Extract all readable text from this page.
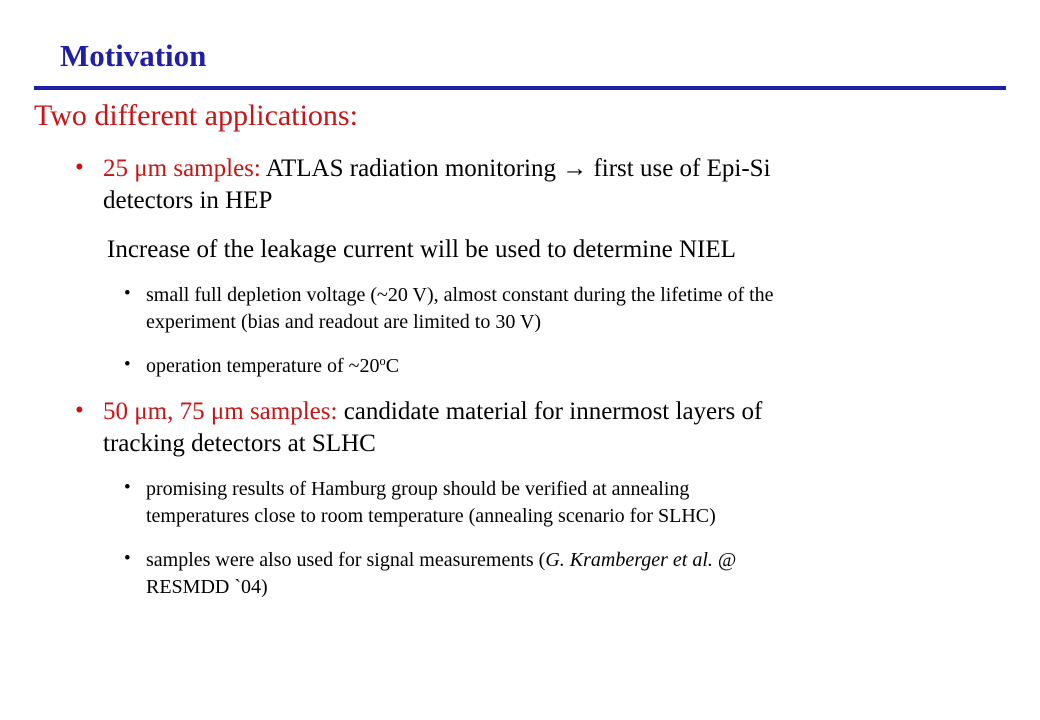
Motivation
Two different applications:
• 25 μm samples: ATLAS radiation monitoring → first use of Epi-Si
detectors in HEP
Increase of the leakage current will be used to determine NIEL
• small full depletion voltage (~20 V), almost constant during the lifetime of the
experiment (bias and readout are limited to 30 V)
• operation temperature of ~20$^o$C
• 50 μm, 75 μm samples: candidate material for innermost layers of
tracking detectors at SLHC
• promising results of Hamburg group should be verified at annealing
temperatures close to room temperature (annealing scenario for SLHC)
• samples were also used for signal measurements (G. Kramberger et al. @
RESMDD `04)
